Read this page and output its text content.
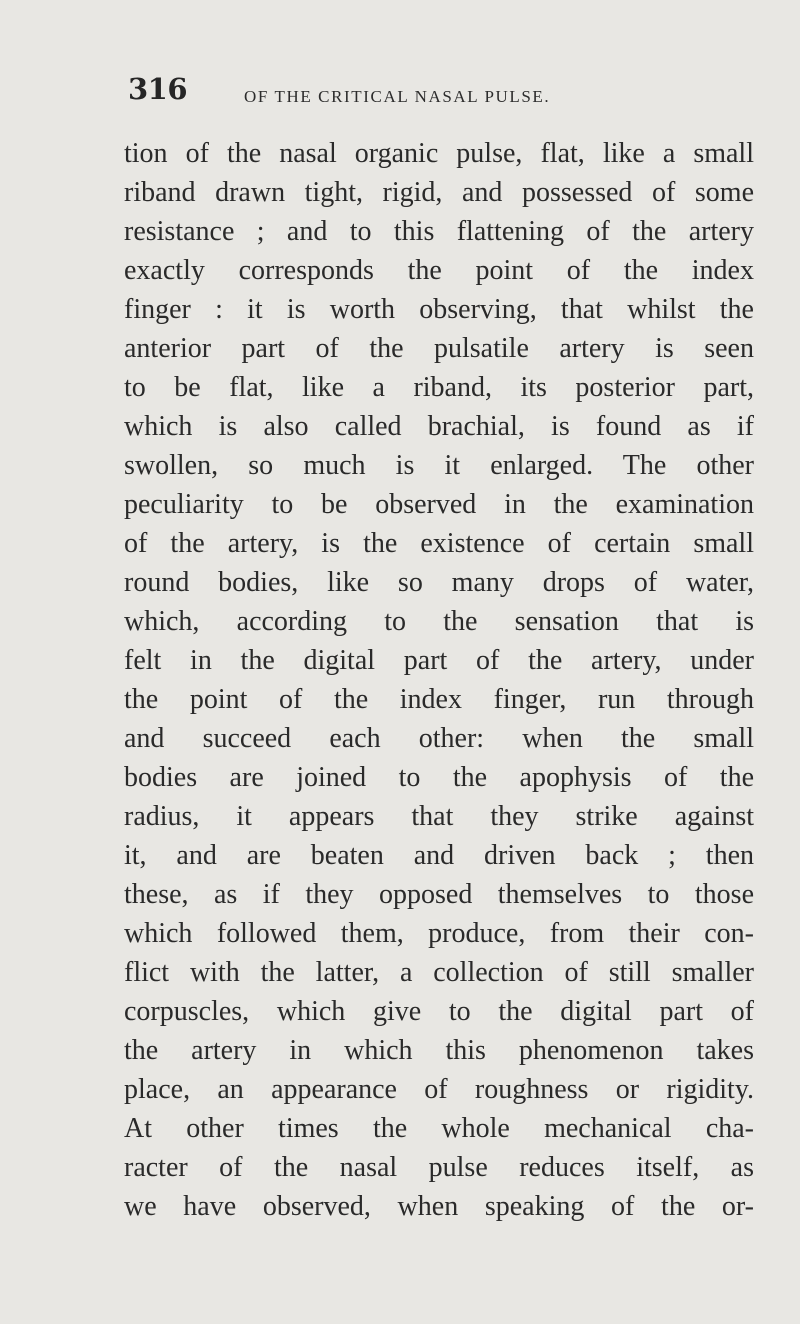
316	OF THE CRITICAL NASAL PULSE.
tion of the nasal organic pulse, flat, like a small
riband drawn tight, rigid, and possessed of some
resistance ; and to this flattening of the artery
exactly corresponds the point of the index
finger : it is worth observing, that whilst the
anterior part of the pulsatile artery is seen
to be flat, like a riband, its posterior part,
which is also called brachial, is found as if
swollen, so much is it enlarged. The other
peculiarity to be observed in the examination
of the artery, is the existence of certain small
round bodies, like so many drops of water,
which, according to the sensation that is
felt in the digital part of the artery, under
the point of the index finger, run through
and succeed each other: when the small
bodies are joined to the apophysis of the
radius, it appears that they strike against
it, and are beaten and driven back ; then
these, as if they opposed themselves to those
which followed them, produce, from their con-
flict with the latter, a collection of still smaller
corpuscles, which give to the digital part of
the artery in which this phenomenon takes
place, an appearance of roughness or rigidity.
At other times the whole mechanical cha-
racter of the nasal pulse reduces itself, as
we have observed, when speaking of the or-
